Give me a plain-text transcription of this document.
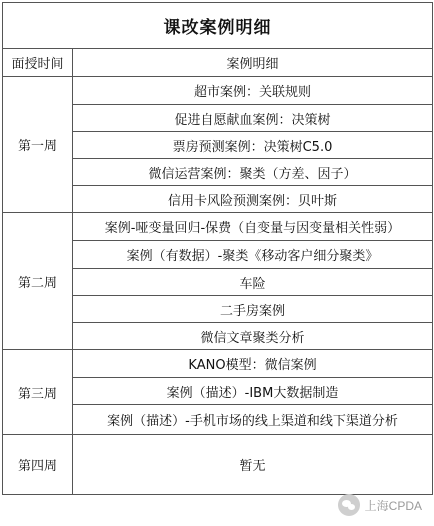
课改案例明细
面授时间	案例明细
第一周	超市案例：关联规则
	促进自愿献血案例：决策树
	票房预测案例：决策树C5.0
	微信运营案例：聚类（方差、因子）
	信用卡风险预测案例：贝叶斯
第二周	案例-哑变量回归-保费（自变量与因变量相关性弱）
	案例（有数据）-聚类《移动客户细分聚类》
	车险
	二手房案例
	微信文章聚类分析
第三周	KANO模型：微信案例
	案例（描述）-IBM大数据制造
	案例（描述）-手机市场的线上渠道和线下渠道分析
第四周	暂无
上海CPDA
